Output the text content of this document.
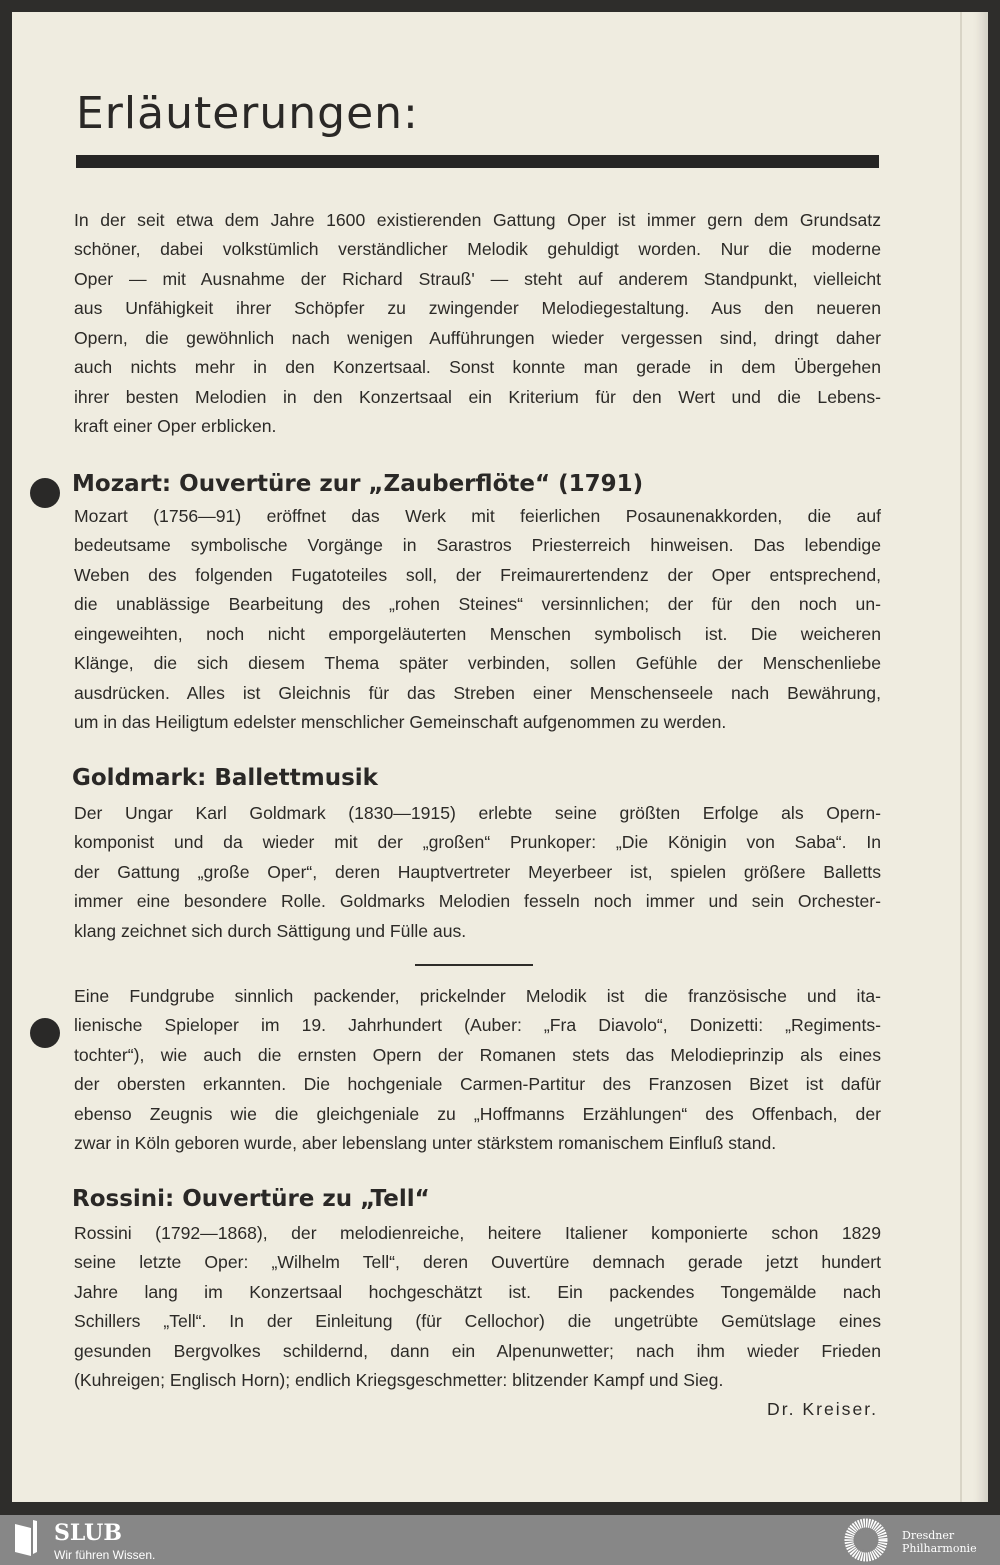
Erläuterungen:
In der seit etwa dem Jahre 1600 existierenden Gattung Oper ist immer gern dem Grundsatz
schöner, dabei volkstümlich verständlicher Melodik gehuldigt worden. Nur die moderne
Oper — mit Ausnahme der Richard Strauß' — steht auf anderem Standpunkt, vielleicht
aus Unfähigkeit ihrer Schöpfer zu zwingender Melodiegestaltung. Aus den neueren
Opern, die gewöhnlich nach wenigen Aufführungen wieder vergessen sind, dringt daher
auch nichts mehr in den Konzertsaal. Sonst konnte man gerade in dem Übergehen
ihrer besten Melodien in den Konzertsaal ein Kriterium für den Wert und die Lebens-
kraft einer Oper erblicken.
Mozart: Ouvertüre zur „Zauberflöte“ (1791)
Mozart (1756—91) eröffnet das Werk mit feierlichen Posaunenakkorden, die auf
bedeutsame symbolische Vorgänge in Sarastros Priesterreich hinweisen. Das lebendige
Weben des folgenden Fugatoteiles soll, der Freimaurertendenz der Oper entsprechend,
die unablässige Bearbeitung des „rohen Steines“ versinnlichen; der für den noch un-
eingeweihten, noch nicht emporgeläuterten Menschen symbolisch ist. Die weicheren
Klänge, die sich diesem Thema später verbinden, sollen Gefühle der Menschenliebe
ausdrücken. Alles ist Gleichnis für das Streben einer Menschenseele nach Bewährung,
um in das Heiligtum edelster menschlicher Gemeinschaft aufgenommen zu werden.
Goldmark: Ballettmusik
Der Ungar Karl Goldmark (1830—1915) erlebte seine größten Erfolge als Opern-
komponist und da wieder mit der „großen“ Prunkoper: „Die Königin von Saba“. In
der Gattung „große Oper“, deren Hauptvertreter Meyerbeer ist, spielen größere Balletts
immer eine besondere Rolle. Goldmarks Melodien fesseln noch immer und sein Orchester-
klang zeichnet sich durch Sättigung und Fülle aus.
Eine Fundgrube sinnlich packender, prickelnder Melodik ist die französische und ita-
lienische Spieloper im 19. Jahrhundert (Auber: „Fra Diavolo“, Donizetti: „Regiments-
tochter“), wie auch die ernsten Opern der Romanen stets das Melodieprinzip als eines
der obersten erkannten. Die hochgeniale Carmen-Partitur des Franzosen Bizet ist dafür
ebenso Zeugnis wie die gleichgeniale zu „Hoffmanns Erzählungen“ des Offenbach, der
zwar in Köln geboren wurde, aber lebenslang unter stärkstem romanischem Einfluß stand.
Rossini: Ouvertüre zu „Tell“
Rossini (1792—1868), der melodienreiche, heitere Italiener komponierte schon 1829
seine letzte Oper: „Wilhelm Tell“, deren Ouvertüre demnach gerade jetzt hundert
Jahre lang im Konzertsaal hochgeschätzt ist. Ein packendes Tongemälde nach
Schillers „Tell“. In der Einleitung (für Cellochor) die ungetrübte Gemütslage eines
gesunden Bergvolkes schildernd, dann ein Alpenunwetter; nach ihm wieder Frieden
(Kuhreigen; Englisch Horn); endlich Kriegsgeschmetter: blitzender Kampf und Sieg.
Dr. Kreiser.
SLUB
Wir führen Wissen.
Dresdner
Philharmonie
